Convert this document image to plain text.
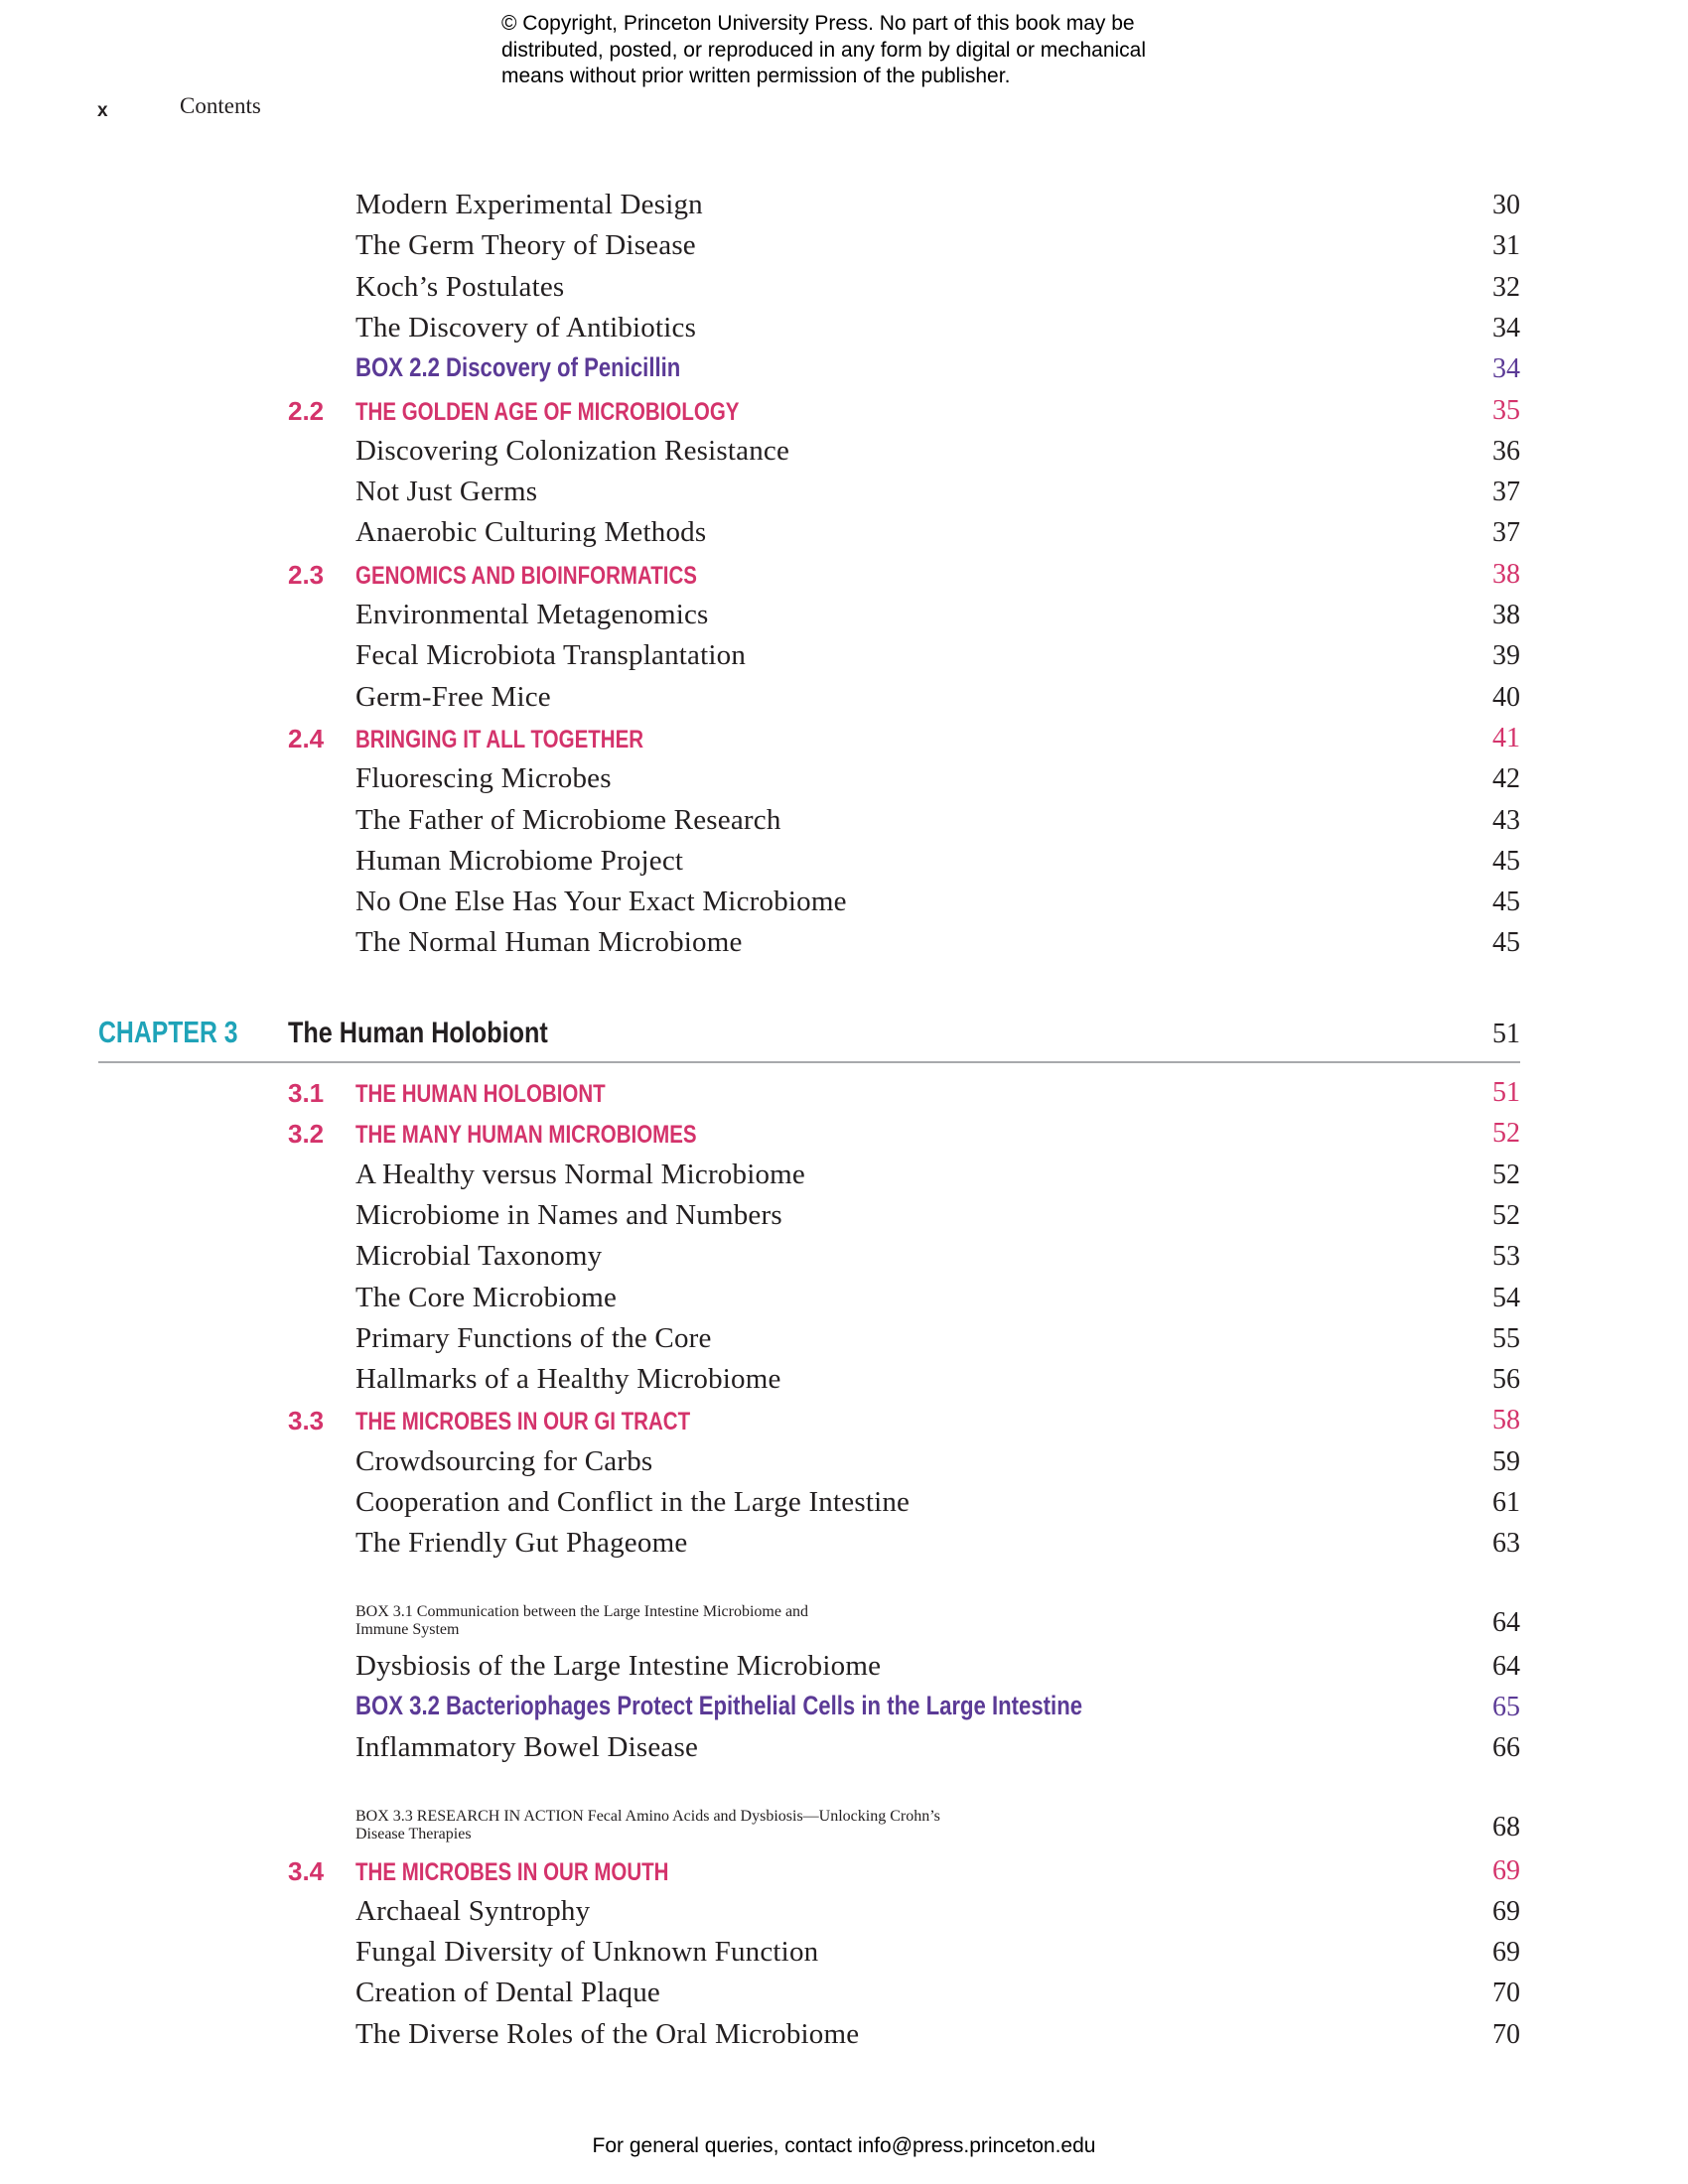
© Copyright, Princeton University Press. No part of this book may be
distributed, posted, or reproduced in any form by digital or mechanical
means without prior written permission of the publisher.
x	Contents
Modern Experimental Design	30
The Germ Theory of Disease	31
Koch’s Postulates	32
The Discovery of Antibiotics	34
BOX 2.2 Discovery of Penicillin	34
2.2 THE GOLDEN AGE OF MICROBIOLOGY	35
Discovering Colonization Resistance	36
Not Just Germs	37
Anaerobic Culturing Methods	37
2.3 GENOMICS AND BIOINFORMATICS	38
Environmental Metagenomics	38
Fecal Microbiota Transplantation	39
Germ-Free Mice	40
2.4 BRINGING IT ALL TOGETHER	41
Fluorescing Microbes	42
The Father of Microbiome Research	43
Human Microbiome Project	45
No One Else Has Your Exact Microbiome	45
The Normal Human Microbiome	45
CHAPTER 3 The Human Holobiont	51
3.1 THE HUMAN HOLOBIONT	51
3.2 THE MANY HUMAN MICROBIOMES	52
A Healthy versus Normal Microbiome	52
Microbiome in Names and Numbers	52
Microbial Taxonomy	53
The Core Microbiome	54
Primary Functions of the Core	55
Hallmarks of a Healthy Microbiome	56
3.3 THE MICROBES IN OUR GI TRACT	58
Crowdsourcing for Carbs	59
Cooperation and Conflict in the Large Intestine	61
The Friendly Gut Phageome	63
BOX 3.1 Communication between the Large Intestine Microbiome and
Immune System	64
Dysbiosis of the Large Intestine Microbiome	64
BOX 3.2 Bacteriophages Protect Epithelial Cells in the Large Intestine	65
Inflammatory Bowel Disease	66
BOX 3.3 RESEARCH IN ACTION Fecal Amino Acids and Dysbiosis—Unlocking Crohn’s
Disease Therapies	68
3.4 THE MICROBES IN OUR MOUTH	69
Archaeal Syntrophy	69
Fungal Diversity of Unknown Function	69
Creation of Dental Plaque	70
The Diverse Roles of the Oral Microbiome	70
For general queries, contact info@press.princeton.edu
